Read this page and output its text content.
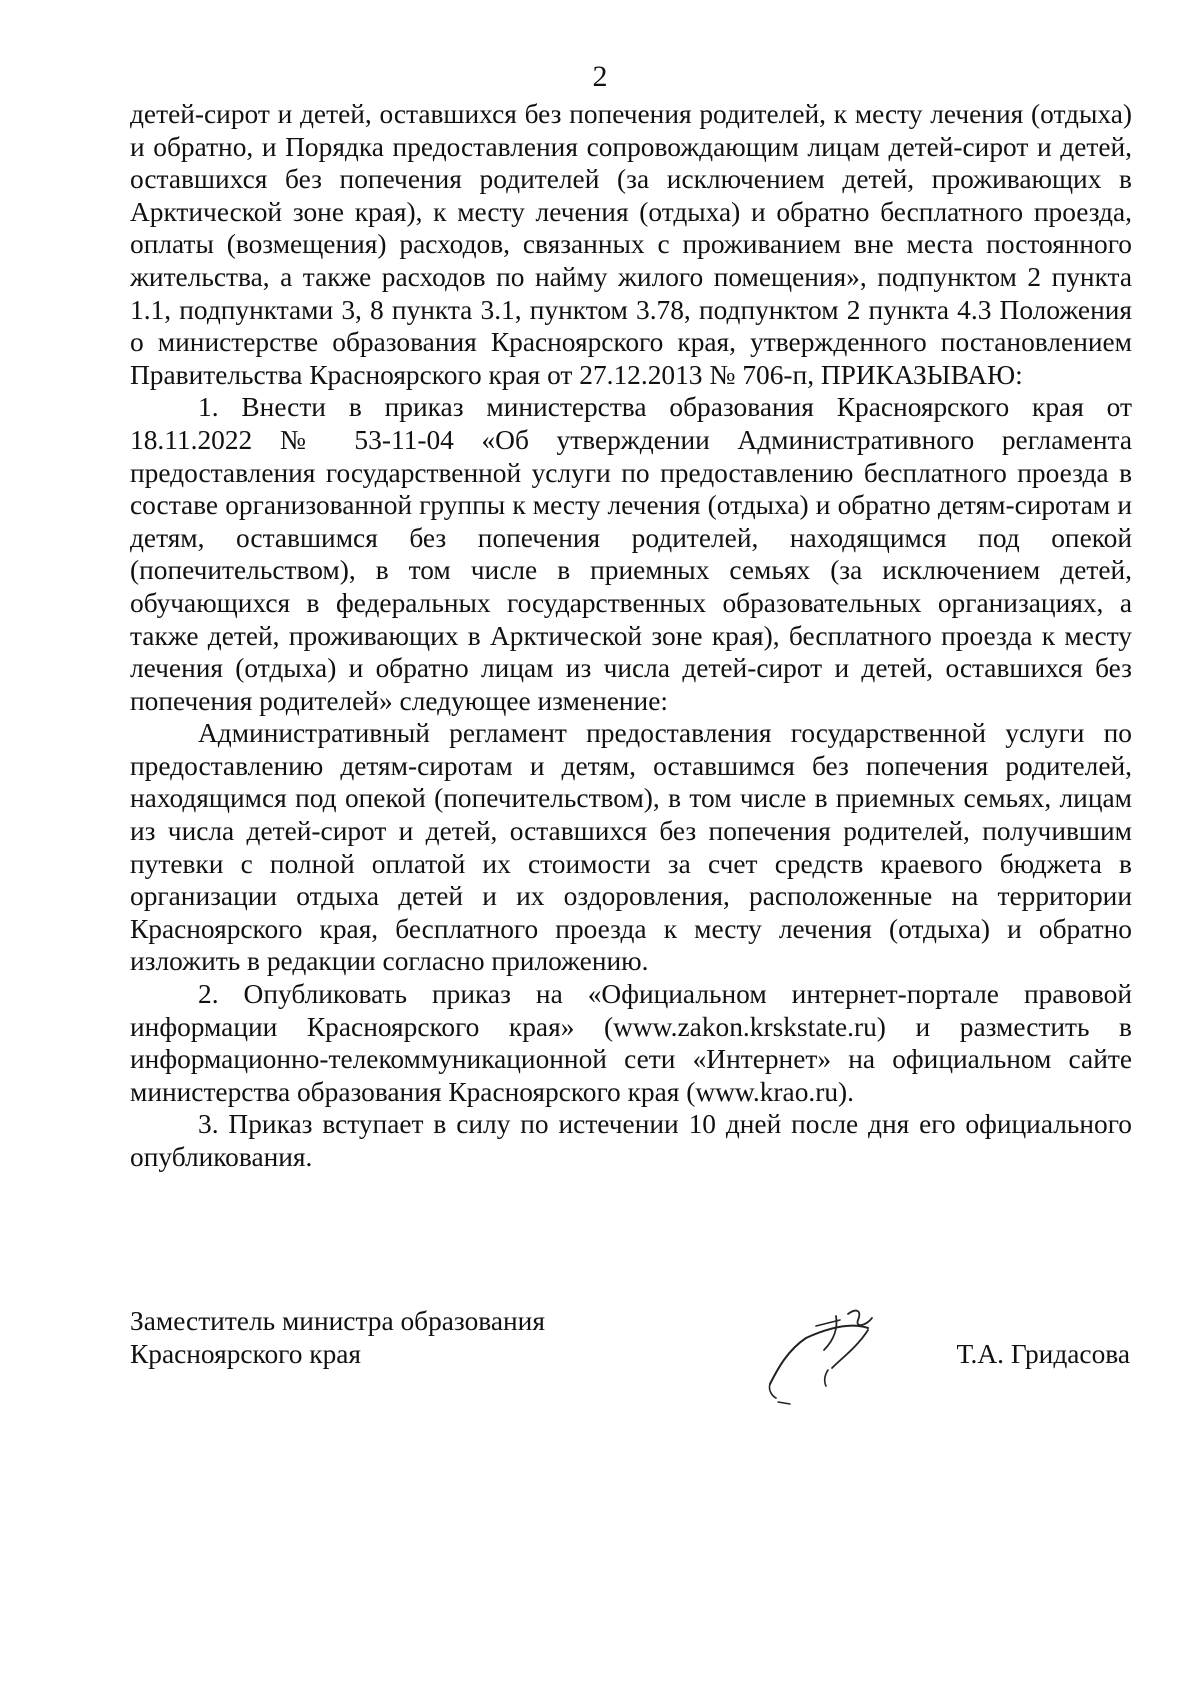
2

детей-сирот и детей, оставшихся без попечения родителей, к месту лечения (отдыха) и обратно, и Порядка предоставления сопровождающим лицам детей-сирот и детей, оставшихся без попечения родителей (за исключением детей, проживающих в Арктической зоне края), к месту лечения (отдыха) и обратно бесплатного проезда, оплаты (возмещения) расходов, связанных с проживанием вне места постоянного жительства, а также расходов по найму жилого помещения», подпунктом 2 пункта 1.1, подпунктами 3, 8 пункта 3.1, пунктом 3.78, подпунктом 2 пункта 4.3 Положения о министерстве образования Красноярского края, утвержденного постановлением Правительства Красноярского края от 27.12.2013 № 706-п, ПРИКАЗЫВАЮ:

1. Внести в приказ министерства образования Красноярского края от 18.11.2022 № 53-11-04 «Об утверждении Административного регламента предоставления государственной услуги по предоставлению бесплатного проезда в составе организованной группы к месту лечения (отдыха) и обратно детям-сиротам и детям, оставшимся без попечения родителей, находящимся под опекой (попечительством), в том числе в приемных семьях (за исключением детей, обучающихся в федеральных государственных образовательных организациях, а также детей, проживающих в Арктической зоне края), бесплатного проезда к месту лечения (отдыха) и обратно лицам из числа детей-сирот и детей, оставшихся без попечения родителей» следующее изменение:

Административный регламент предоставления государственной услуги по предоставлению детям-сиротам и детям, оставшимся без попечения родителей, находящимся под опекой (попечительством), в том числе в приемных семьях, лицам из числа детей-сирот и детей, оставшихся без попечения родителей, получившим путевки с полной оплатой их стоимости за счет средств краевого бюджета в организации отдыха детей и их оздоровления, расположенные на территории Красноярского края, бесплатного проезда к месту лечения (отдыха) и обратно изложить в редакции согласно приложению.

2. Опубликовать приказ на «Официальном интернет-портале правовой информации Красноярского края» (www.zakon.krskstate.ru) и разместить в информационно-телекоммуникационной сети «Интернет» на официальном сайте министерства образования Красноярского края (www.krao.ru).

3. Приказ вступает в силу по истечении 10 дней после дня его официального опубликования.

Заместитель министра образования
Красноярского края	Т.А. Гридасова
